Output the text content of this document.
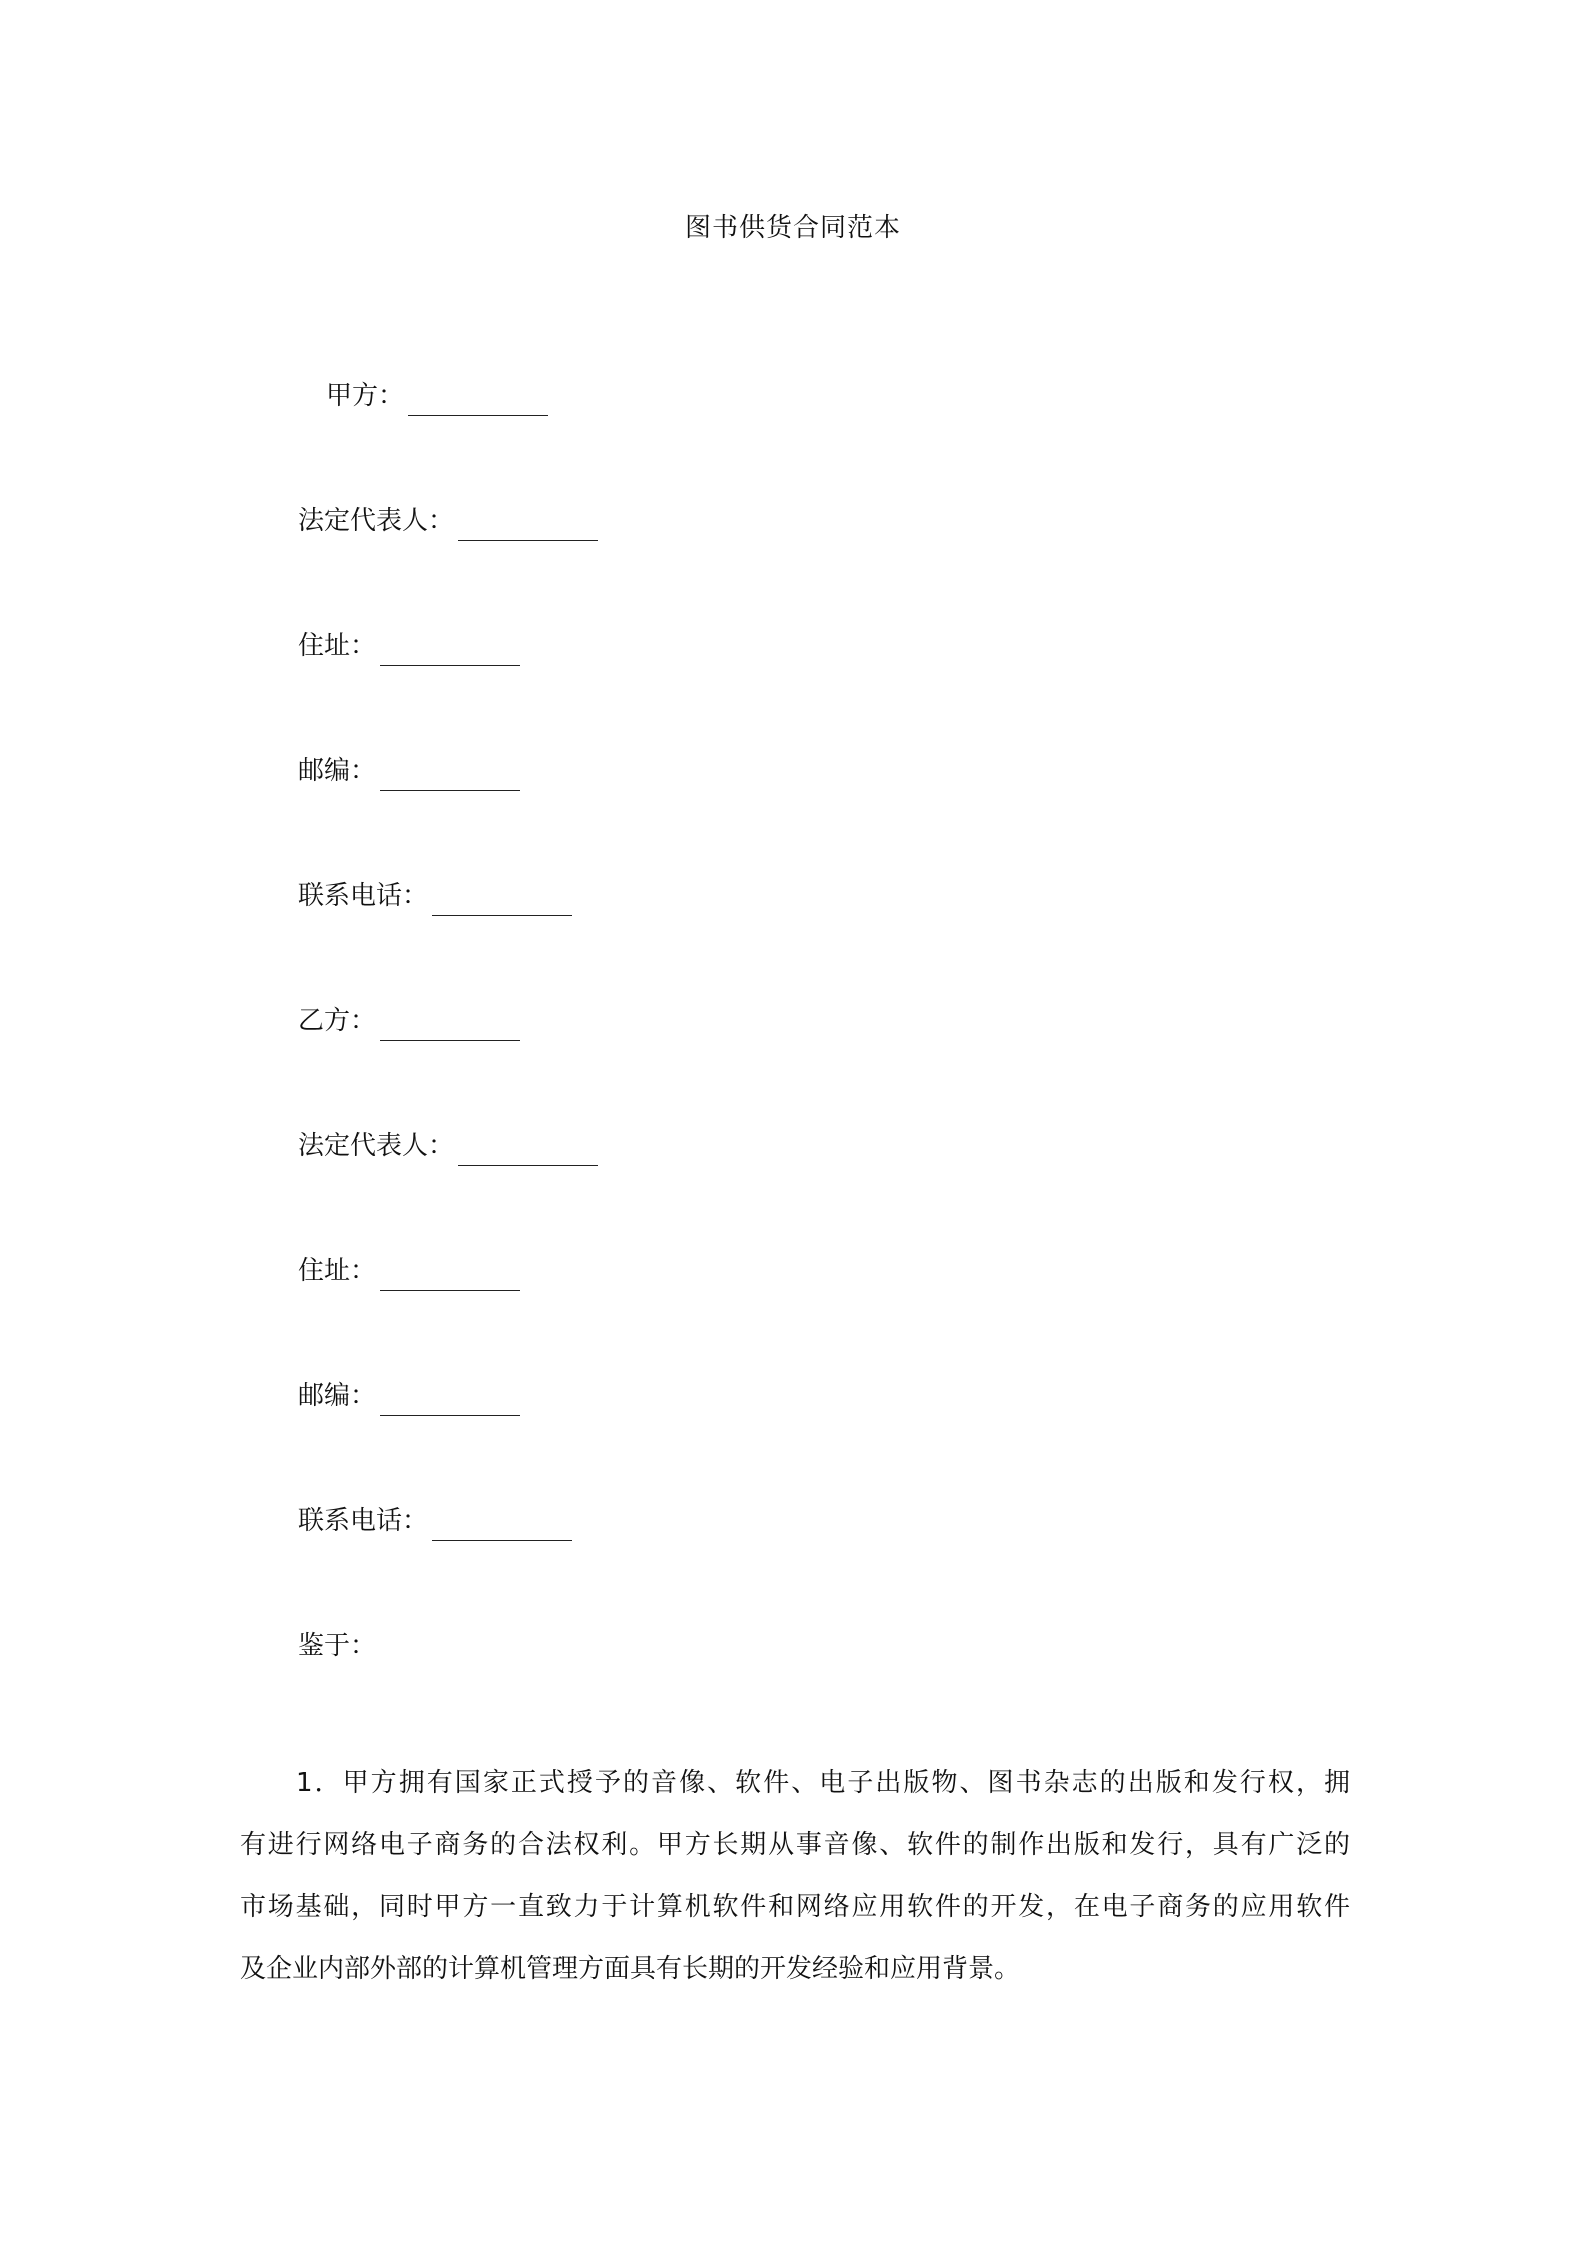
图书供货合同范本
甲方：
法定代表人：
住址：
邮编：
联系电话：
乙方：
法定代表人：
住址：
邮编：
联系电话：
鉴于：
1．甲方拥有国家正式授予的音像、软件、电子出版物、图书杂志的出版和发行权，拥
有进行网络电子商务的合法权利。甲方长期从事音像、软件的制作出版和发行，具有广泛的
市场基础，同时甲方一直致力于计算机软件和网络应用软件的开发，在电子商务的应用软件
及企业内部外部的计算机管理方面具有长期的开发经验和应用背景。
